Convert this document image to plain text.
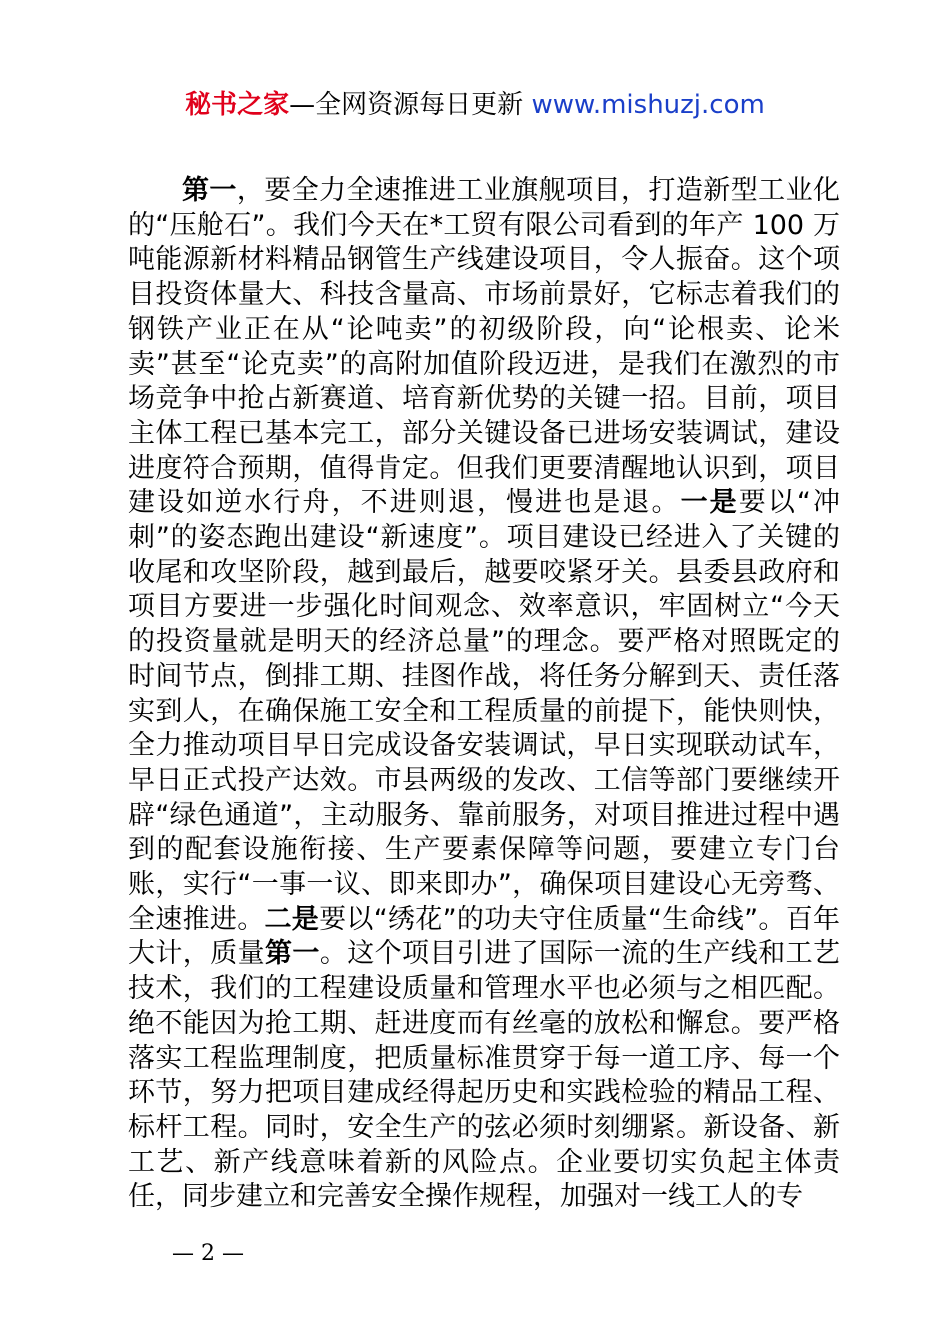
秘书之家—全网资源每日更新 www.mishuzj.com
第一，要全力全速推进工业旗舰项目，打造新型工业化的“压舱石”。我们今天在*工贸有限公司看到的年产 100 万吨能源新材料精品钢管生产线建设项目，令人振奋。这个项目投资体量大、科技含量高、市场前景好，它标志着我们的钢铁产业正在从“论吨卖”的初级阶段，向“论根卖、论米卖”甚至“论克卖”的高附加值阶段迈进，是我们在激烈的市场竞争中抢占新赛道、培育新优势的关键一招。目前，项目主体工程已基本完工，部分关键设备已进场安装调试，建设进度符合预期，值得肯定。但我们更要清醒地认识到，项目建设如逆水行舟，不进则退，慢进也是退。一是要以“冲刺”的姿态跑出建设“新速度”。项目建设已经进入了关键的收尾和攻坚阶段，越到最后，越要咬紧牙关。县委县政府和项目方要进一步强化时间观念、效率意识，牢固树立“今天的投资量就是明天的经济总量”的理念。要严格对照既定的时间节点，倒排工期、挂图作战，将任务分解到天、责任落实到人，在确保施工安全和工程质量的前提下，能快则快，全力推动项目早日完成设备安装调试，早日实现联动试车，早日正式投产达效。市县两级的发改、工信等部门要继续开辟“绿色通道”，主动服务、靠前服务，对项目推进过程中遇到的配套设施衔接、生产要素保障等问题，要建立专门台账，实行“一事一议、即来即办”，确保项目建设心无旁骛、全速推进。二是要以“绣花”的功夫守住质量“生命线”。百年大计，质量第一。这个项目引进了国际一流的生产线和工艺技术，我们的工程建设质量和管理水平也必须与之相匹配。绝不能因为抢工期、赶进度而有丝毫的放松和懈怠。要严格落实工程监理制度，把质量标准贯穿于每一道工序、每一个环节，努力把项目建成经得起历史和实践检验的精品工程、标杆工程。同时，安全生产的弦必须时刻绷紧。新设备、新工艺、新产线意味着新的风险点。企业要切实负起主体责任，同步建立和完善安全操作规程，加强对一线工人的专
— 2 —
